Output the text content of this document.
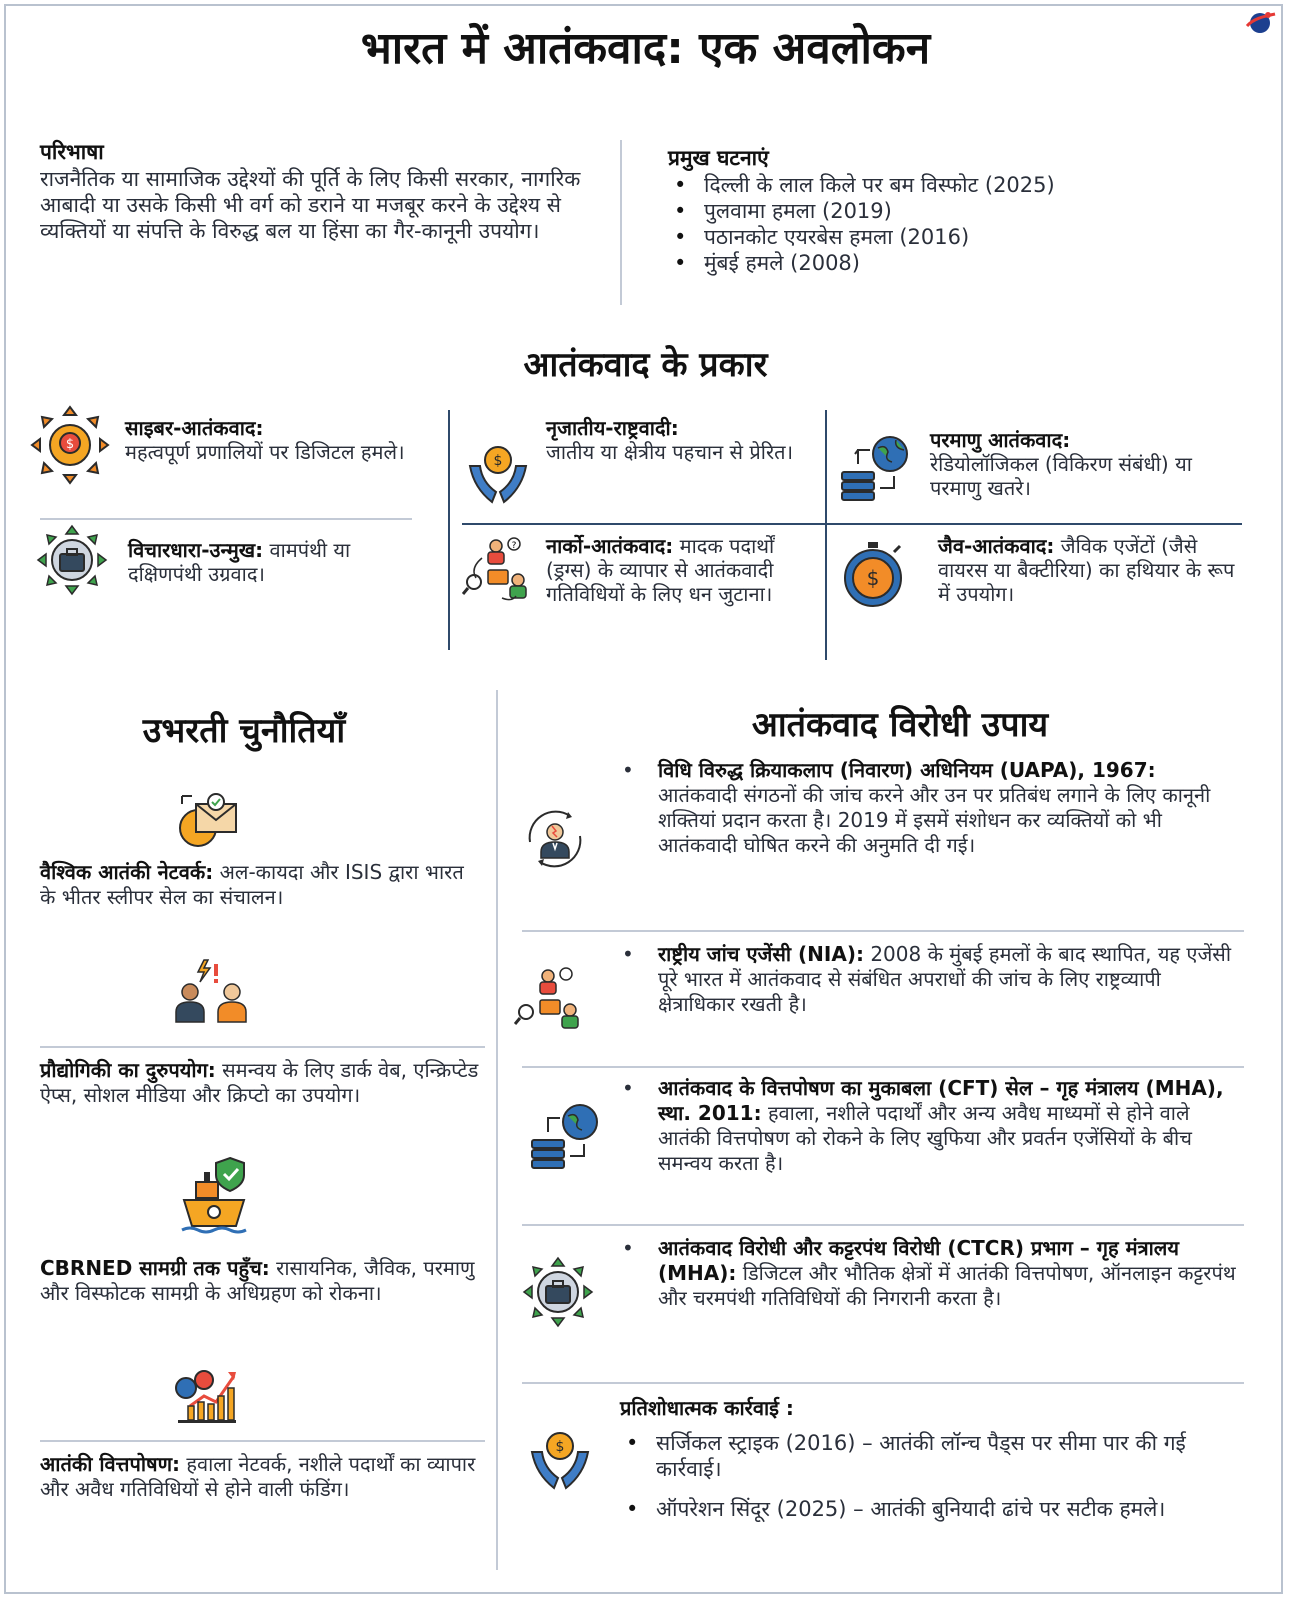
भारत में आतंकवाद: एक अवलोकन
परिभाषा
राजनैतिक या सामाजिक उद्देश्यों की पूर्ति के लिए किसी सरकार, नागरिक आबादी या उसके किसी भी वर्ग को डराने या मजबूर करने के उद्देश्य से व्यक्तियों या संपत्ति के विरुद्ध बल या हिंसा का गैर-कानूनी उपयोग।
प्रमुख घटनाएं
• दिल्ली के लाल किले पर बम विस्फोट (2025)
• पुलवामा हमला (2019)
• पठानकोट एयरबेस हमला (2016)
• मुंबई हमले (2008)
आतंकवाद के प्रकार
$
$
?
$
साइबर-आतंकवाद:
महत्वपूर्ण प्रणालियों पर डिजिटल हमले।
नृजातीय-राष्ट्रवादी:
जातीय या क्षेत्रीय पहचान से प्रेरित।	परमाणु आतंकवाद:
रेडियोलॉजिकल (विकिरण संबंधी) या परमाणु खतरे।
विचारधारा-उन्मुख: वामपंथी या दक्षिणपंथी उग्रवाद।
नार्को-आतंकवाद: मादक पदार्थों (ड्रग्स) के व्यापार से आतंकवादी गतिविधियों के लिए धन जुटाना।
जैव-आतंकवाद: जैविक एजेंटों (जैसे वायरस या बैक्टीरिया) का हथियार के रूप में उपयोग।
उभरती चुनौतियाँ
वैश्विक आतंकी नेटवर्क: अल-कायदा और ISIS द्वारा भारत के भीतर स्लीपर सेल का संचालन।
प्रौद्योगिकी का दुरुपयोग: समन्वय के लिए डार्क वेब, एन्क्रिप्टेड ऐप्स, सोशल मीडिया और क्रिप्टो का उपयोग।
CBRNED सामग्री तक पहुँच: रासायनिक, जैविक, परमाणु और विस्फोटक सामग्री के अधिग्रहण को रोकना।
आतंकी वित्तपोषण: हवाला नेटवर्क, नशीले पदार्थों का व्यापार और अवैध गतिविधियों से होने वाली फंडिंग।
आतंकवाद विरोधी उपाय
•	विधि विरुद्ध क्रियाकलाप (निवारण) अधिनियम (UAPA), 1967: आतंकवादी संगठनों की जांच करने और उन पर प्रतिबंध लगाने के लिए कानूनी शक्तियां प्रदान करता है। 2019 में इसमें संशोधन कर व्यक्तियों को भी आतंकवादी घोषित करने की अनुमति दी गई।
•	राष्ट्रीय जांच एजेंसी (NIA): 2008 के मुंबई हमलों के बाद स्थापित, यह एजेंसी पूरे भारत में आतंकवाद से संबंधित अपराधों की जांच के लिए राष्ट्रव्यापी क्षेत्राधिकार रखती है।
•	आतंकवाद के वित्तपोषण का मुकाबला (CFT) सेल – गृह मंत्रालय (MHA), स्था. 2011: हवाला, नशीले पदार्थों और अन्य अवैध माध्यमों से होने वाले आतंकी वित्तपोषण को रोकने के लिए खुफिया और प्रवर्तन एजेंसियों के बीच समन्वय करता है।
•	आतंकवाद विरोधी और कट्टरपंथ विरोधी (CTCR) प्रभाग – गृह मंत्रालय (MHA): डिजिटल और भौतिक क्षेत्रों में आतंकी वित्तपोषण, ऑनलाइन कट्टरपंथ और चरमपंथी गतिविधियों की निगरानी करता है।
प्रतिशोधात्मक कार्रवाई :
$
•	सर्जिकल स्ट्राइक (2016) – आतंकी लॉन्च पैड्स पर सीमा पार की गई कार्रवाई।
• ऑपरेशन सिंदूर (2025) – आतंकी बुनियादी ढांचे पर सटीक हमले।
